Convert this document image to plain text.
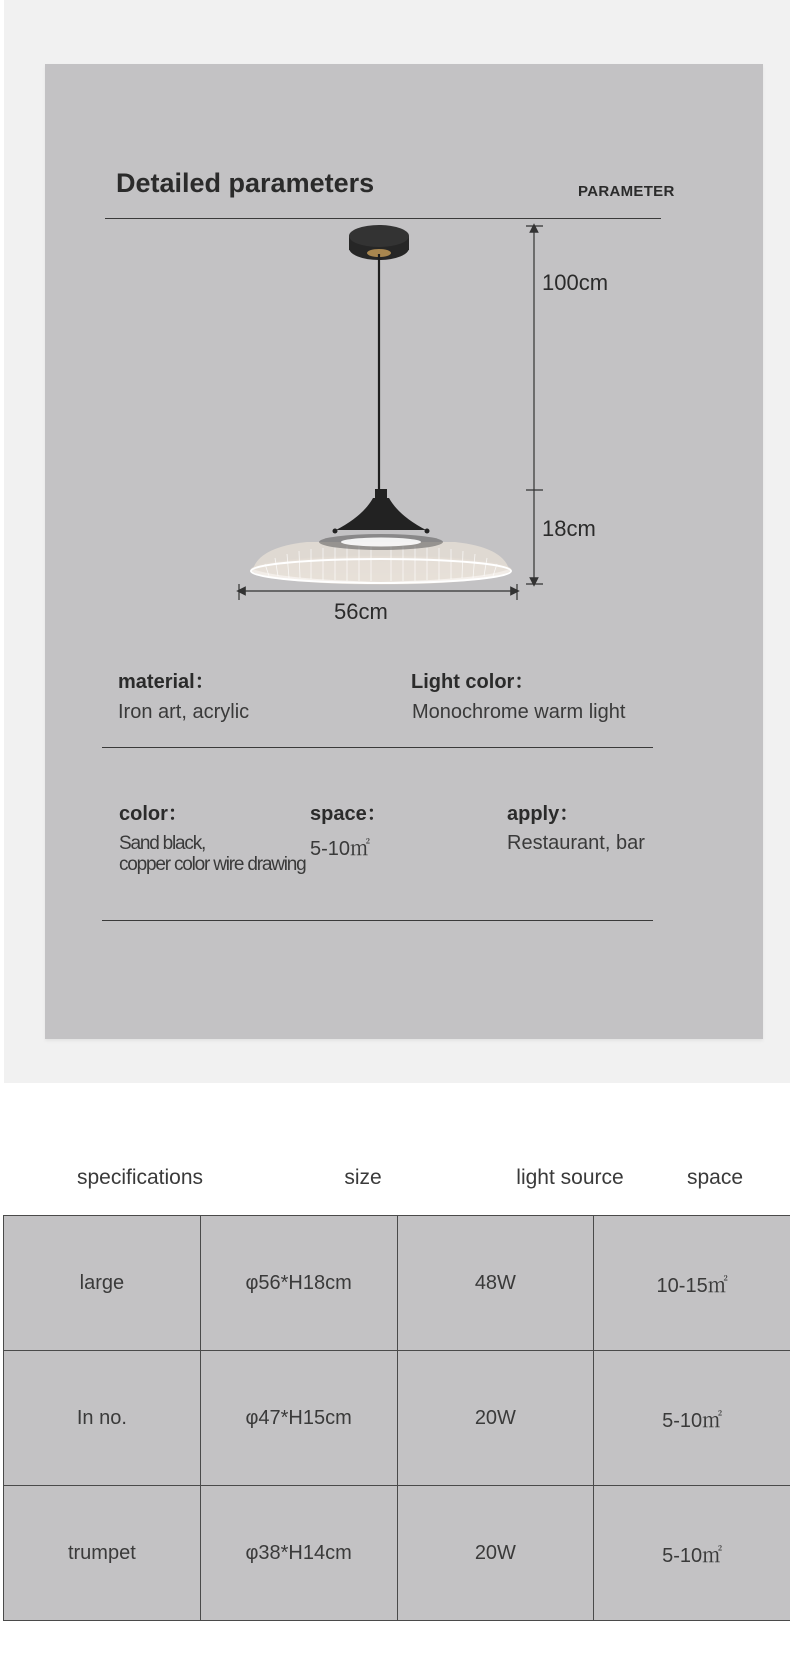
Detailed parameters	PARAMETER
100cm
18cm
56cm
material：
Iron art, acrylic
Light color：
Monochrome warm light
color：
Sand black,
copper color wire drawing
space：
5-10㎡
apply：
Restaurant, bar
specifications	size	light source	space
large	φ56*H18cm	48W	10-15㎡
In no.	φ47*H15cm	20W	5-10㎡
trumpet	φ38*H14cm	20W	5-10㎡
